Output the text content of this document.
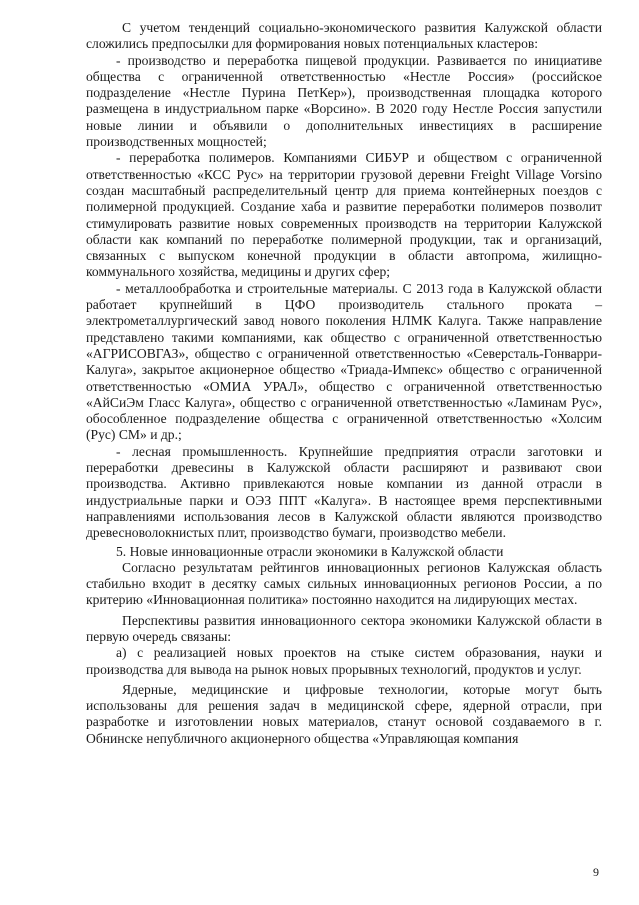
С учетом тенденций социально-экономического развития Калужской области сложились предпосылки для формирования новых потенциальных кластеров:

- производство и переработка пищевой продукции. Развивается по инициативе общества с ограниченной ответственностью «Нестле Россия» (российское подразделение «Нестле Пурина ПетКер»), производственная площадка которого размещена в индустриальном парке «Ворсино». В 2020 году Нестле Россия запустили новые линии и объявили о дополнительных инвестициях в расширение производственных мощностей;

- переработка полимеров. Компаниями СИБУР и обществом с ограниченной ответственностью «КСС Рус» на территории грузовой деревни Freight Village Vorsino создан масштабный распределительный центр для приема контейнерных поездов с полимерной продукцией. Создание хаба и развитие переработки полимеров позволит стимулировать развитие новых современных производств на территории Калужской области как компаний по переработке полимерной продукции, так и организаций, связанных с выпуском конечной продукции в области автопрома, жилищно-коммунального хозяйства, медицины и других сфер;

- металлообработка и строительные материалы. С 2013 года в Калужской области работает крупнейший в ЦФО производитель стального проката – электрометаллургический завод нового поколения НЛМК Калуга. Также направление представлено такими компаниями, как общество с ограниченной ответственностью «АГРИСОВГАЗ», общество с ограниченной ответственностью «Северсталь-Гонварри-Калуга», закрытое акционерное общество «Триада-Импекс» общество с ограниченной ответственностью «ОМИА УРАЛ», общество с ограниченной ответственностью «АйСиЭм Гласс Калуга», общество с ограниченной ответственностью «Ламинам Рус», обособленное подразделение общества с ограниченной ответственностью «Холсим (Рус) СМ» и др.;

- лесная промышленность. Крупнейшие предприятия отрасли заготовки и переработки древесины в Калужской области расширяют и развивают свои производства. Активно привлекаются новые компании из данной отрасли в индустриальные парки и ОЭЗ ППТ «Калуга». В настоящее время перспективными направлениями использования лесов в Калужской области являются производство древесноволокнистых плит, производство бумаги, производство мебели.

5. Новые инновационные отрасли экономики в Калужской области

Согласно результатам рейтингов инновационных регионов Калужская область стабильно входит в десятку самых сильных инновационных регионов России, а по критерию «Инновационная политика» постоянно находится на лидирующих местах.

Перспективы развития инновационного сектора экономики Калужской области в первую очередь связаны:

а) с реализацией новых проектов на стыке систем образования, науки и производства для вывода на рынок новых прорывных технологий, продуктов и услуг.

Ядерные, медицинские и цифровые технологии, которые могут быть использованы для решения задач в медицинской сфере, ядерной отрасли, при разработке и изготовлении новых материалов, станут основой создаваемого в г. Обнинске непубличного акционерного общества «Управляющая компания

9
